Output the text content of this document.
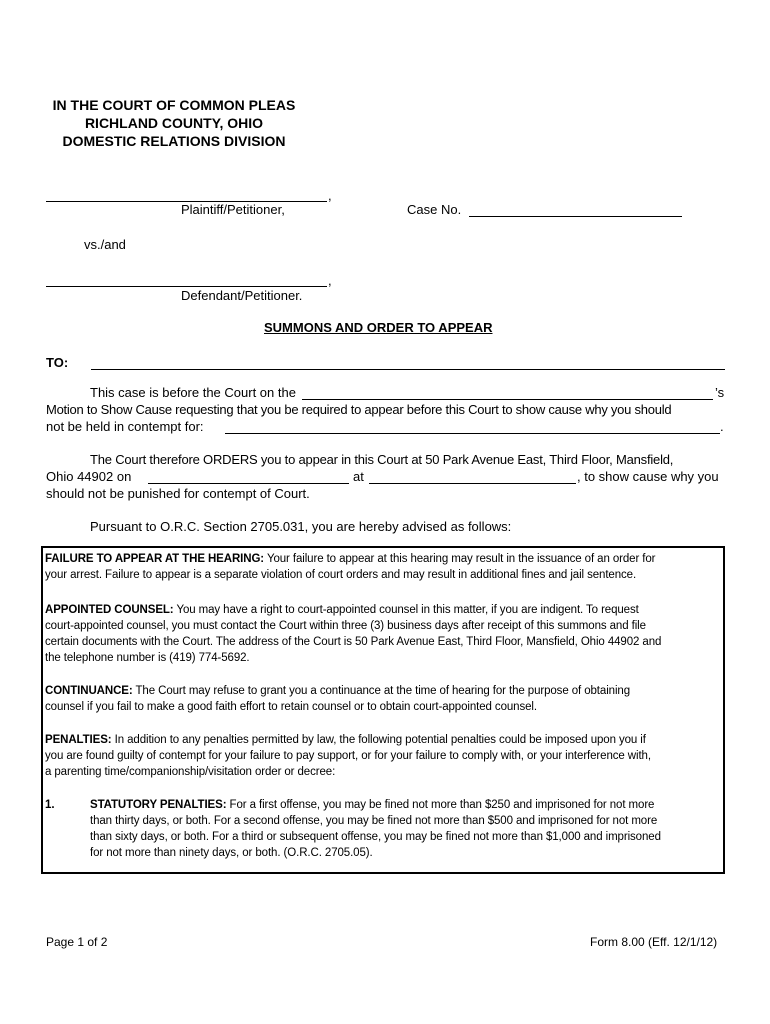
IN THE COURT OF COMMON PLEAS
RICHLAND COUNTY, OHIO
DOMESTIC RELATIONS DIVISION
,
Plaintiff/Petitioner,	Case No.
vs./and
,
Defendant/Petitioner.
SUMMONS AND ORDER TO APPEAR
TO:
This case is before the Court on the	’s
Motion to Show Cause requesting that you be required to appear before this Court to show cause why you should
not be held in contempt for:	.
The Court therefore ORDERS you to appear in this Court at 50 Park Avenue East, Third Floor, Mansfield,
Ohio 44902 on	at	, to show cause why you
should not be punished for contempt of Court.
Pursuant to O.R.C. Section 2705.031, you are hereby advised as follows:
FAILURE TO APPEAR AT THE HEARING: Your failure to appear at this hearing may result in the issuance of an order for
your arrest. Failure to appear is a separate violation of court orders and may result in additional fines and jail sentence.
APPOINTED COUNSEL: You may have a right to court-appointed counsel in this matter, if you are indigent. To request
court-appointed counsel, you must contact the Court within three (3) business days after receipt of this summons and file
certain documents with the Court. The address of the Court is 50 Park Avenue East, Third Floor, Mansfield, Ohio 44902 and
the telephone number is (419) 774-5692.
CONTINUANCE: The Court may refuse to grant you a continuance at the time of hearing for the purpose of obtaining
counsel if you fail to make a good faith effort to retain counsel or to obtain court-appointed counsel.
PENALTIES: In addition to any penalties permitted by law, the following potential penalties could be imposed upon you if
you are found guilty of contempt for your failure to pay support, or for your failure to comply with, or your interference with,
a parenting time/companionship/visitation order or decree:
1.	STATUTORY PENALTIES: For a first offense, you may be fined not more than $250 and imprisoned for not more
than thirty days, or both. For a second offense, you may be fined not more than $500 and imprisoned for not more
than sixty days, or both. For a third or subsequent offense, you may be fined not more than $1,000 and imprisoned
for not more than ninety days, or both. (O.R.C. 2705.05).
Page 1 of 2	Form 8.00 (Eff. 12/1/12)
